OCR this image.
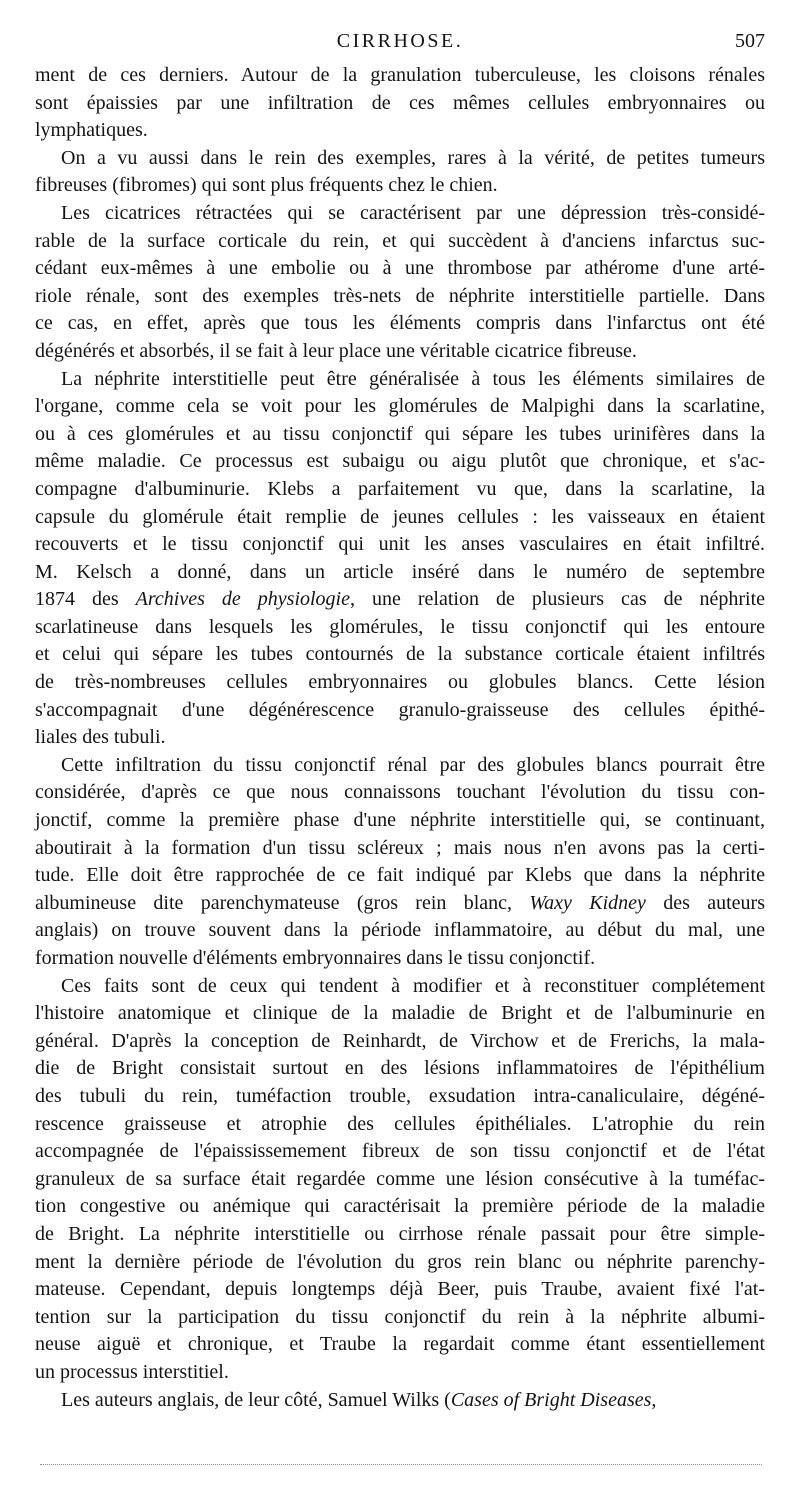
CIRRHOSE.	507
ment de ces derniers. Autour de la granulation tuberculeuse, les cloisons rénales
sont épaissies par une infiltration de ces mêmes cellules embryonnaires ou
lymphatiques.
On a vu aussi dans le rein des exemples, rares à la vérité, de petites tumeurs
fibreuses (fibromes) qui sont plus fréquents chez le chien.
Les cicatrices rétractées qui se caractérisent par une dépression très-considé-
rable de la surface corticale du rein, et qui succèdent à d'anciens infarctus suc-
cédant eux-mêmes à une embolie ou à une thrombose par athérome d'une arté-
riole rénale, sont des exemples très-nets de néphrite interstitielle partielle. Dans
ce cas, en effet, après que tous les éléments compris dans l'infarctus ont été
dégénérés et absorbés, il se fait à leur place une véritable cicatrice fibreuse.
La néphrite interstitielle peut être généralisée à tous les éléments similaires de
l'organe, comme cela se voit pour les glomérules de Malpighi dans la scarlatine,
ou à ces glomérules et au tissu conjonctif qui sépare les tubes urinifères dans la
même maladie. Ce processus est subaigu ou aigu plutôt que chronique, et s'ac-
compagne d'albuminurie. Klebs a parfaitement vu que, dans la scarlatine, la
capsule du glomérule était remplie de jeunes cellules : les vaisseaux en étaient
recouverts et le tissu conjonctif qui unit les anses vasculaires en était infiltré.
M. Kelsch a donné, dans un article inséré dans le numéro de septembre
1874 des Archives de physiologie, une relation de plusieurs cas de néphrite
scarlatineuse dans lesquels les glomérules, le tissu conjonctif qui les entoure
et celui qui sépare les tubes contournés de la substance corticale étaient infiltrés
de très-nombreuses cellules embryonnaires ou globules blancs. Cette lésion
s'accompagnait d'une dégénérescence granulo-graisseuse des cellules épithé-
liales des tubuli.
Cette infiltration du tissu conjonctif rénal par des globules blancs pourrait être
considérée, d'après ce que nous connaissons touchant l'évolution du tissu con-
jonctif, comme la première phase d'une néphrite interstitielle qui, se continuant,
aboutirait à la formation d'un tissu scléreux ; mais nous n'en avons pas la certi-
tude. Elle doit être rapprochée de ce fait indiqué par Klebs que dans la néphrite
albumineuse dite parenchymateuse (gros rein blanc, Waxy Kidney des auteurs
anglais) on trouve souvent dans la période inflammatoire, au début du mal, une
formation nouvelle d'éléments embryonnaires dans le tissu conjonctif.
Ces faits sont de ceux qui tendent à modifier et à reconstituer complétement
l'histoire anatomique et clinique de la maladie de Bright et de l'albuminurie en
général. D'après la conception de Reinhardt, de Virchow et de Frerichs, la mala-
die de Bright consistait surtout en des lésions inflammatoires de l'épithélium
des tubuli du rein, tuméfaction trouble, exsudation intra-canaliculaire, dégéné-
rescence graisseuse et atrophie des cellules épithéliales. L'atrophie du rein
accompagnée de l'épaississemement fibreux de son tissu conjonctif et de l'état
granuleux de sa surface était regardée comme une lésion consécutive à la tuméfac-
tion congestive ou anémique qui caractérisait la première période de la maladie
de Bright. La néphrite interstitielle ou cirrhose rénale passait pour être simple-
ment la dernière période de l'évolution du gros rein blanc ou néphrite parenchy-
mateuse. Cependant, depuis longtemps déjà Beer, puis Traube, avaient fixé l'at-
tention sur la participation du tissu conjonctif du rein à la néphrite albumi-
neuse aiguë et chronique, et Traube la regardait comme étant essentiellement
un processus interstitiel.
Les auteurs anglais, de leur côté, Samuel Wilks (Cases of Bright Diseases,
